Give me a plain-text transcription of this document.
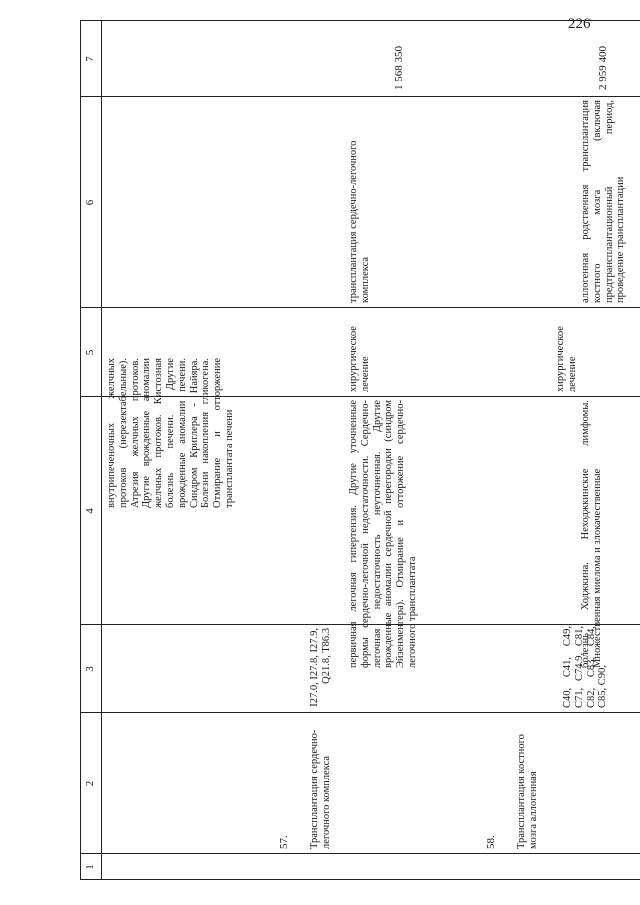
226
1
2
3
4
5
6
7
внутрипеченочных желчных протоков (нерезектабельные). Атрезия желчных протоков. Другие врожденные аномалии желчных протоков. Кистозная болезнь печени. Другие врожденные аномалии печени. Синдром Криглера - Найяра. Болезни накопления гликогена. Отмирание и отторжение трансплантата печени
57. Трансплантация сердечно-легочного комплекса
I27.0, I27.8, I27.9, Q21.8, T86.3 первичная легочная гипертензия. Другие уточненные формы сердечно-легочной недостаточности. Сердечно-легочная недостаточность неуточненная. Другие врожденные аномалии сердечной перегородки (синдром Эйзенменгера). Отмирание и отторжение сердечно-легочного трансплантата
хирургическое лечение
трансплантация сердечно-легочного комплекса
1 568 350
58. Трансплантация костного мозга аллогенная
C40, C41, C49, C71, C74.9, C81, C82, C83, C84, C85, C90,
болезнь Ходжкина. Неходжкинские лимфомы. Множественная миелома и злокачественные
хирургическое лечение
аллогенная родственная трансплантация костного мозга (включая предтрансплантационный период, проведение трансплантации
2 959 400
